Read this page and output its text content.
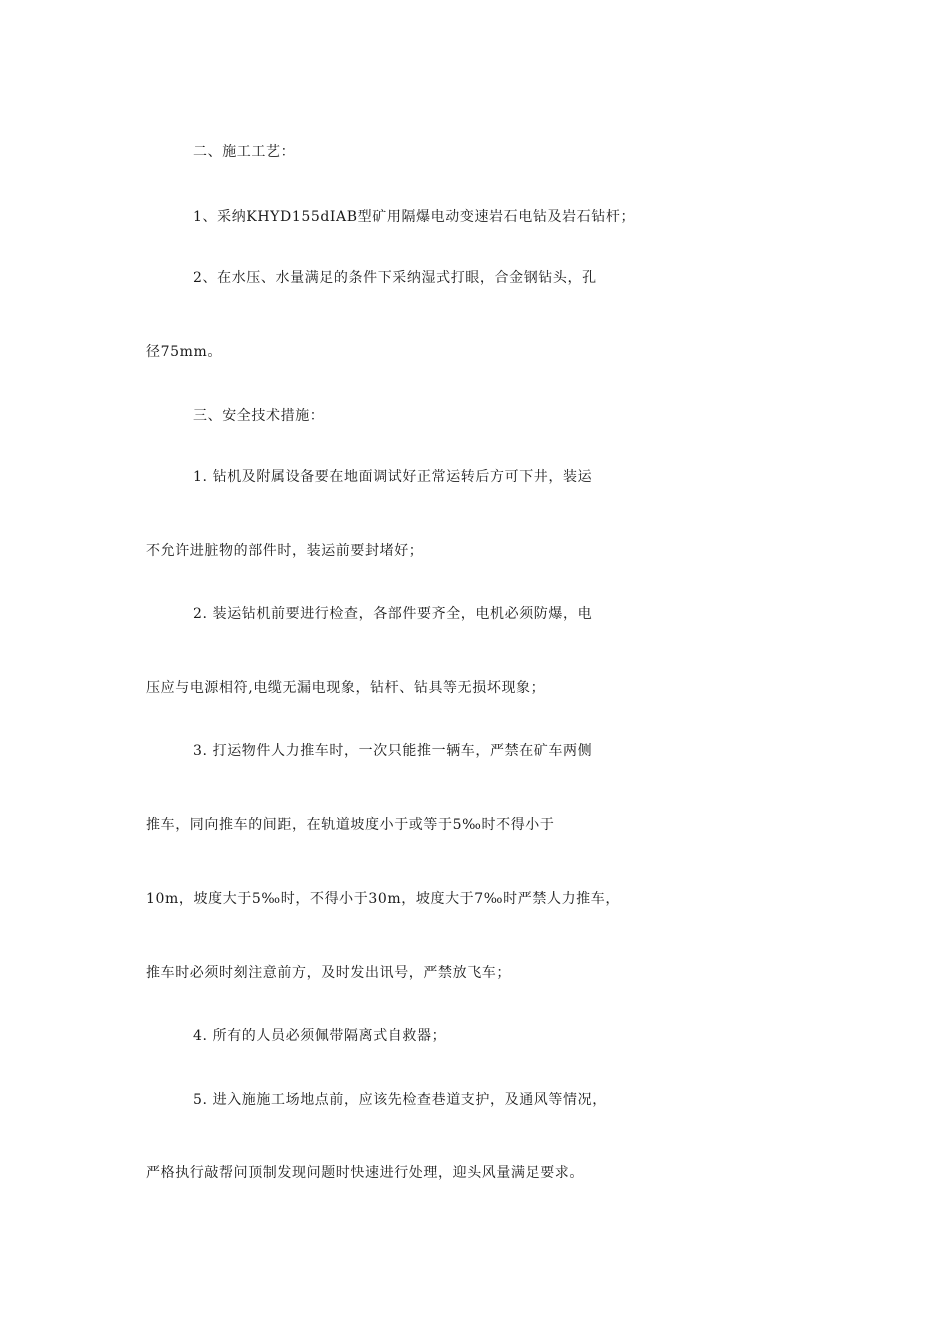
二、施工工艺：
1、采纳KHYD155dIAB型矿用隔爆电动变速岩石电钻及岩石钻杆；
2、在水压、水量满足的条件下采纳湿式打眼，合金钢钻头，孔
径75mm。
三、安全技术措施：
1. 钻机及附属设备要在地面调试好正常运转后方可下井，装运
不允许进脏物的部件时，装运前要封堵好；
2. 装运钻机前要进行检查，各部件要齐全，电机必须防爆，电
压应与电源相符,电缆无漏电现象，钻杆、钻具等无损坏现象；
3. 打运物件人力推车时，一次只能推一辆车，严禁在矿车两侧
推车，同向推车的间距，在轨道坡度小于或等于5‰时不得小于
10m，坡度大于5‰时，不得小于30m，坡度大于7‰时严禁人力推车，
推车时必须时刻注意前方，及时发出讯号，严禁放飞车；
4. 所有的人员必须佩带隔离式自救器；
5. 进入施施工场地点前，应该先检查巷道支护，及通风等情况，
严格执行敲帮问顶制发现问题时快速进行处理，迎头风量满足要求。
